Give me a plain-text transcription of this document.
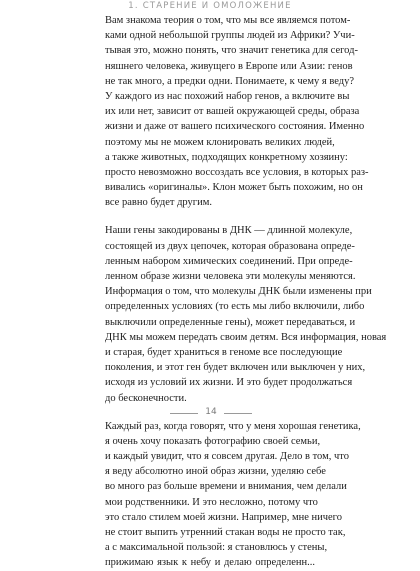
1. СТАРЕНИЕ И ОМОЛОЖЕНИЕ

Вам знакома теория о том, что мы все являемся потом-
ками одной небольшой группы людей из Африки? Учи-
тывая это, можно понять, что значит генетика для сегод-
няшнего человека, живущего в Европе или Азии: генов
не так много, а предки одни. Понимаете, к чему я веду?
У каждого из нас похожий набор генов, а включите вы
их или нет, зависит от вашей окружающей среды, образа
жизни и даже от вашего психического состояния. Именно
поэтому мы не можем клонировать великих людей,
а также животных, подходящих конкретному хозяину:
просто невозможно воссоздать все условия, в которых раз-
вивались «оригиналы». Клон может быть похожим, но он
все равно будет другим.

Наши гены закодированы в ДНК — длинной молекуле,
состоящей из двух цепочек, которая образована опреде-
ленным набором химических соединений. При опреде-
ленном образе жизни человека эти молекулы меняются.
Информация о том, что молекулы ДНК были изменены при
определенных условиях (то есть мы либо включили, либо
выключили определенные гены), может передаваться, и
ДНК мы можем передать своим детям. Вся информация, новая
и старая, будет храниться в геноме все последующие
поколения, и этот ген будет включен или выключен у них,
исходя из условий их жизни. И это будет продолжаться
до бесконечности.

Каждый раз, когда говорят, что у меня хорошая генетика,
я очень хочу показать фотографию своей семьи,
и каждый увидит, что я совсем другая. Дело в том, что
я веду абсолютно иной образ жизни, уделяю себе
во много раз больше времени и внимания, чем делали
мои родственники. И это несложно, потому что
это стало стилем моей жизни. Например, мне ничего
не стоит выпить утренний стакан воды не просто так,
а с максимальной пользой: я становлюсь у стены,
прижимаю язык к небу и делаю определенн...

14
